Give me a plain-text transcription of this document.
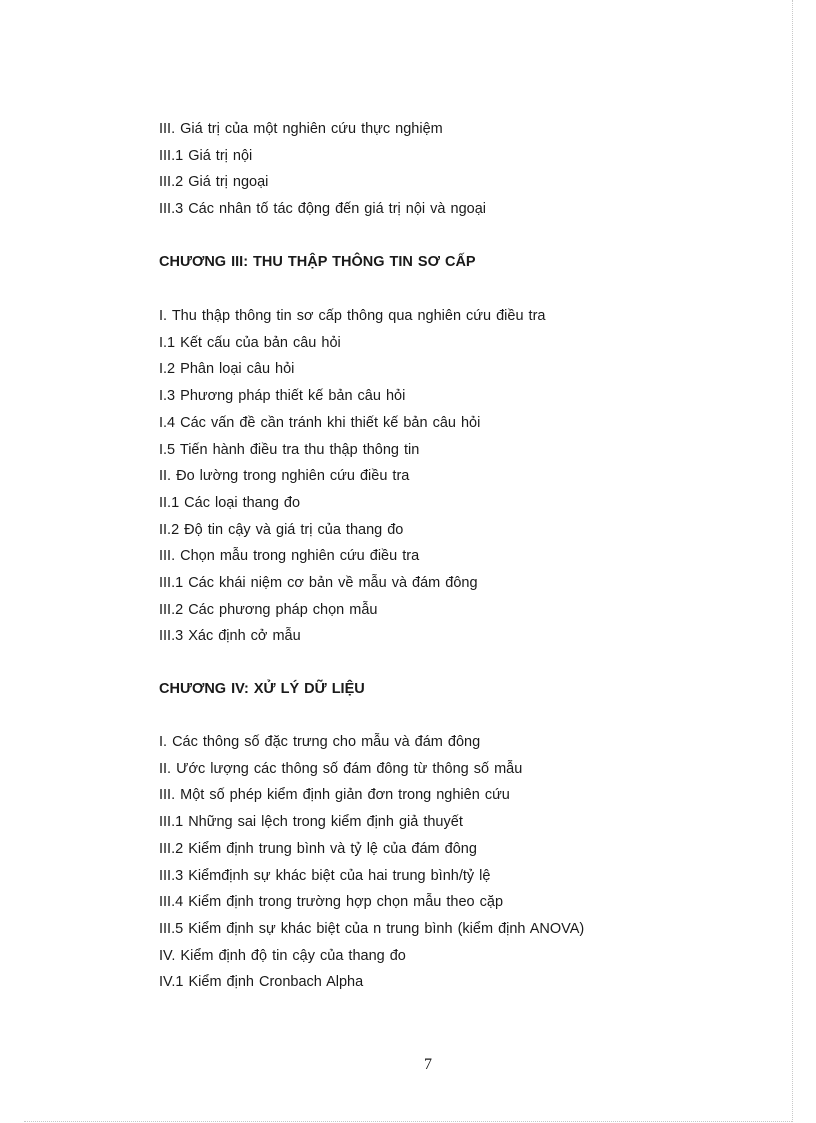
III. Giá trị của một nghiên cứu thực nghiệm
III.1 Giá trị nội
III.2 Giá trị ngoại
III.3 Các nhân tố tác động đến giá trị nội và ngoại
CHƯƠNG III: THU THẬP THÔNG TIN SƠ CẤP
I. Thu thập thông tin sơ cấp thông qua nghiên cứu điều tra
I.1 Kết cấu của bản câu hỏi
I.2 Phân loại câu hỏi
I.3 Phương pháp thiết kế bản câu hỏi
I.4 Các vấn đề cần tránh khi thiết kế bản câu hỏi
I.5 Tiến hành điều tra thu thập thông tin
II. Đo lường trong nghiên cứu điều tra
II.1 Các loại thang đo
II.2 Độ tin cậy và giá trị của thang đo
III. Chọn mẫu trong nghiên cứu điều tra
III.1 Các khái niệm cơ bản về mẫu và đám đông
III.2 Các phương pháp chọn mẫu
III.3 Xác định cở mẫu
CHƯƠNG IV: XỬ LÝ DỮ LIỆU
I. Các thông số đặc trưng cho mẫu và đám đông
II. Ước lượng các thông số đám đông từ thông số mẫu
III. Một số phép kiểm định giản đơn trong nghiên cứu
III.1 Những sai lệch trong kiểm định giả thuyết
III.2 Kiểm định trung bình và tỷ lệ của đám đông
III.3 Kiểmđịnh sự khác biệt của hai trung bình/tỷ lệ
III.4 Kiểm định trong trường hợp chọn mẫu theo cặp
III.5 Kiểm định sự khác biệt của n trung bình (kiểm định ANOVA)
IV. Kiểm định độ tin cậy của thang đo
IV.1 Kiểm định Cronbach Alpha
7
